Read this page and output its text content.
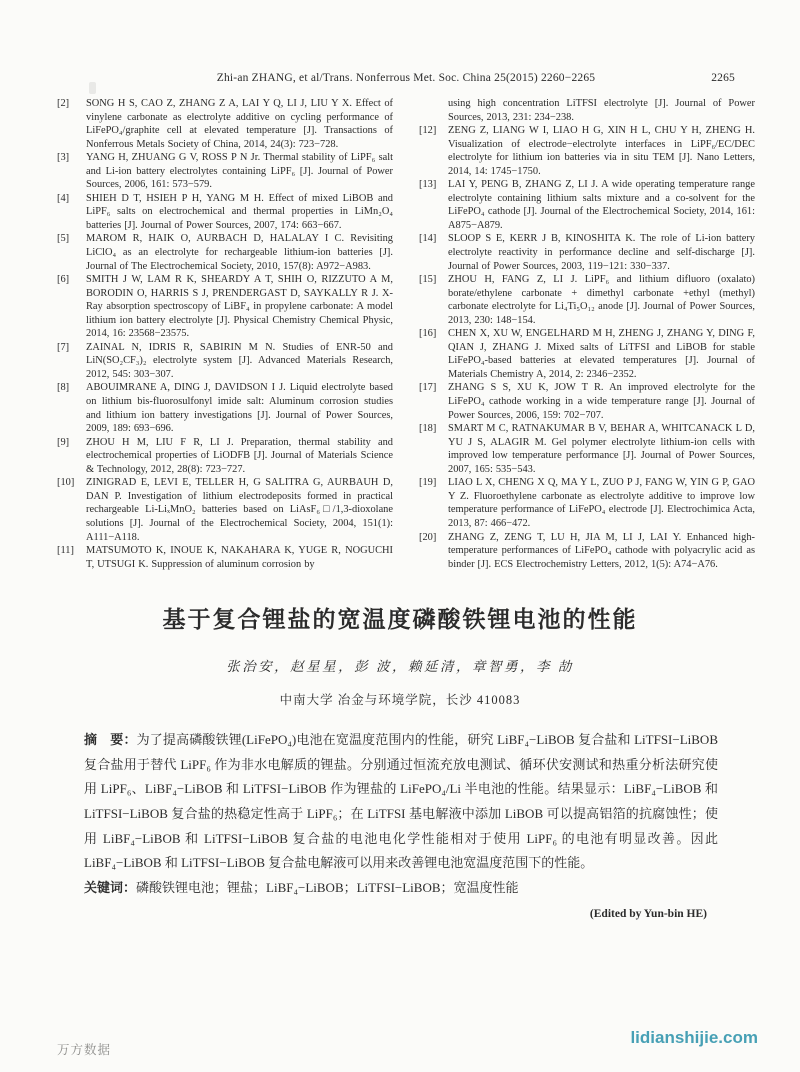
Zhi-an ZHANG, et al/Trans. Nonferrous Met. Soc. China 25(2015) 2260−2265	2265
[2]	SONG H S, CAO Z, ZHANG Z A, LAI Y Q, LI J, LIU Y X. Effect of vinylene carbonate as electrolyte additive on cycling performance of LiFePO₄/graphite cell at elevated temperature [J]. Transactions of Nonferrous Metals Society of China, 2014, 24(3): 723−728.
[3]	YANG H, ZHUANG G V, ROSS P N Jr. Thermal stability of LiPF₆ salt and Li-ion battery electrolytes containing LiPF₆ [J]. Journal of Power Sources, 2006, 161: 573−579.
[4]	SHIEH D T, HSIEH P H, YANG M H. Effect of mixed LiBOB and LiPF₆ salts on electrochemical and thermal properties in LiMn₂O₄ batteries [J]. Journal of Power Sources, 2007, 174: 663−667.
[5]	MAROM R, HAIK O, AURBACH D, HALALAY I C. Revisiting LiClO₄ as an electrolyte for rechargeable lithium-ion batteries [J]. Journal of The Electrochemical Society, 2010, 157(8): A972−A983.
[6]	SMITH J W, LAM R K, SHEARDY A T, SHIH O, RIZZUTO A M, BORODIN O, HARRIS S J, PRENDERGAST D, SAYKALLY R J. X-Ray absorption spectroscopy of LiBF₄ in propylene carbonate: A model lithium ion battery electrolyte [J]. Physical Chemistry Chemical Physic, 2014, 16: 23568−23575.
[7]	ZAINAL N, IDRIS R, SABIRIN M N. Studies of ENR-50 and LiN(SO₂CF₃)₂ electrolyte system [J]. Advanced Materials Research, 2012, 545: 303−307.
[8]	ABOUIMRANE A, DING J, DAVIDSON I J. Liquid electrolyte based on lithium bis-fluorosulfonyl imide salt: Aluminum corrosion studies and lithium ion battery investigations [J]. Journal of Power Sources, 2009, 189: 693−696.
[9]	ZHOU H M, LIU F R, LI J. Preparation, thermal stability and electrochemical properties of LiODFB [J]. Journal of Materials Science & Technology, 2012, 28(8): 723−727.
[10]	ZINIGRAD E, LEVI E, TELLER H, G SALITRA G, AURBAUH D, DAN P. Investigation of lithium electrodeposits formed in practical rechargeable Li-LiₓMnO₂ batteries based on LiAsF₆□/1,3-dioxolane solutions [J]. Journal of the Electrochemical Society, 2004, 151(1): A111−A118.
[11]	MATSUMOTO K, INOUE K, NAKAHARA K, YUGE R, NOGUCHI T, UTSUGI K. Suppression of aluminum corrosion by
using high concentration LiTFSI electrolyte [J]. Journal of Power Sources, 2013, 231: 234−238.
[12]	ZENG Z, LIANG W I, LIAO H G, XIN H L, CHU Y H, ZHENG H. Visualization of electrode−electrolyte interfaces in LiPF₆/EC/DEC electrolyte for lithium ion batteries via in situ TEM [J]. Nano Letters, 2014, 14: 1745−1750.
[13]	LAI Y, PENG B, ZHANG Z, LI J. A wide operating temperature range electrolyte containing lithium salts mixture and a co-solvent for the LiFePO₄ cathode [J]. Journal of the Electrochemical Society, 2014, 161: A875−A879.
[14]	SLOOP S E, KERR J B, KINOSHITA K. The role of Li-ion battery electrolyte reactivity in performance decline and self-discharge [J]. Journal of Power Sources, 2003, 119−121: 330−337.
[15]	ZHOU H, FANG Z, LI J. LiPF₆ and lithium difluoro (oxalato) borate/ethylene carbonate + dimethyl carbonate +ethyl (methyl) carbonate electrolyte for Li₄Ti₅O₁₂ anode [J]. Journal of Power Sources, 2013, 230: 148−154.
[16]	CHEN X, XU W, ENGELHARD M H, ZHENG J, ZHANG Y, DING F, QIAN J, ZHANG J. Mixed salts of LiTFSI and LiBOB for stable LiFePO₄-based batteries at elevated temperatures [J]. Journal of Materials Chemistry A, 2014, 2: 2346−2352.
[17]	ZHANG S S, XU K, JOW T R. An improved electrolyte for the LiFePO₄ cathode working in a wide temperature range [J]. Journal of Power Sources, 2006, 159: 702−707.
[18]	SMART M C, RATNAKUMAR B V, BEHAR A, WHITCANACK L D, YU J S, ALAGIR M. Gel polymer electrolyte lithium-ion cells with improved low temperature performance [J]. Journal of Power Sources, 2007, 165: 535−543.
[19]	LIAO L X, CHENG X Q, MA Y L, ZUO P J, FANG W, YIN G P, GAO Y Z. Fluoroethylene carbonate as electrolyte additive to improve low temperature performance of LiFePO₄ electrode [J]. Electrochimica Acta, 2013, 87: 466−472.
[20]	ZHANG Z, ZENG T, LU H, JIA M, LI J, LAI Y. Enhanced high-temperature performances of LiFePO₄ cathode with polyacrylic acid as binder [J]. ECS Electrochemistry Letters, 2012, 1(5): A74−A76.
基于复合锂盐的宽温度磷酸铁锂电池的性能
张治安，赵星星，彭 波，赖延清，章智勇，李 劼
中南大学 冶金与环境学院，长沙 410083

摘　要：为了提高磷酸铁锂(LiFePO₄)电池在宽温度范围内的性能，研究 LiBF₄−LiBOB 复合盐和 LiTFSI−LiBOB 复合盐用于替代 LiPF₆ 作为非水电解质的锂盐。分别通过恒流充放电测试、循环伏安测试和热重分析法研究使用 LiPF₆、LiBF₄−LiBOB 和 LiTFSI−LiBOB 作为锂盐的 LiFePO₄/Li 半电池的性能。结果显示：LiBF₄−LiBOB 和 LiTFSI−LiBOB 复合盐的热稳定性高于 LiPF₆；在 LiTFSI 基电解液中添加 LiBOB 可以提高铝箔的抗腐蚀性；使用 LiBF₄−LiBOB 和 LiTFSI−LiBOB 复合盐的电池电化学性能相对于使用 LiPF₆ 的电池有明显改善。因此 LiBF₄−LiBOB 和 LiTFSI−LiBOB 复合盐电解液可以用来改善锂电池宽温度范围下的性能。

关键词：磷酸铁锂电池；锂盐；LiBF₄−LiBOB；LiTFSI−LiBOB；宽温度性能

(Edited by Yun-bin HE)
万方数据
lidianshijie.com
